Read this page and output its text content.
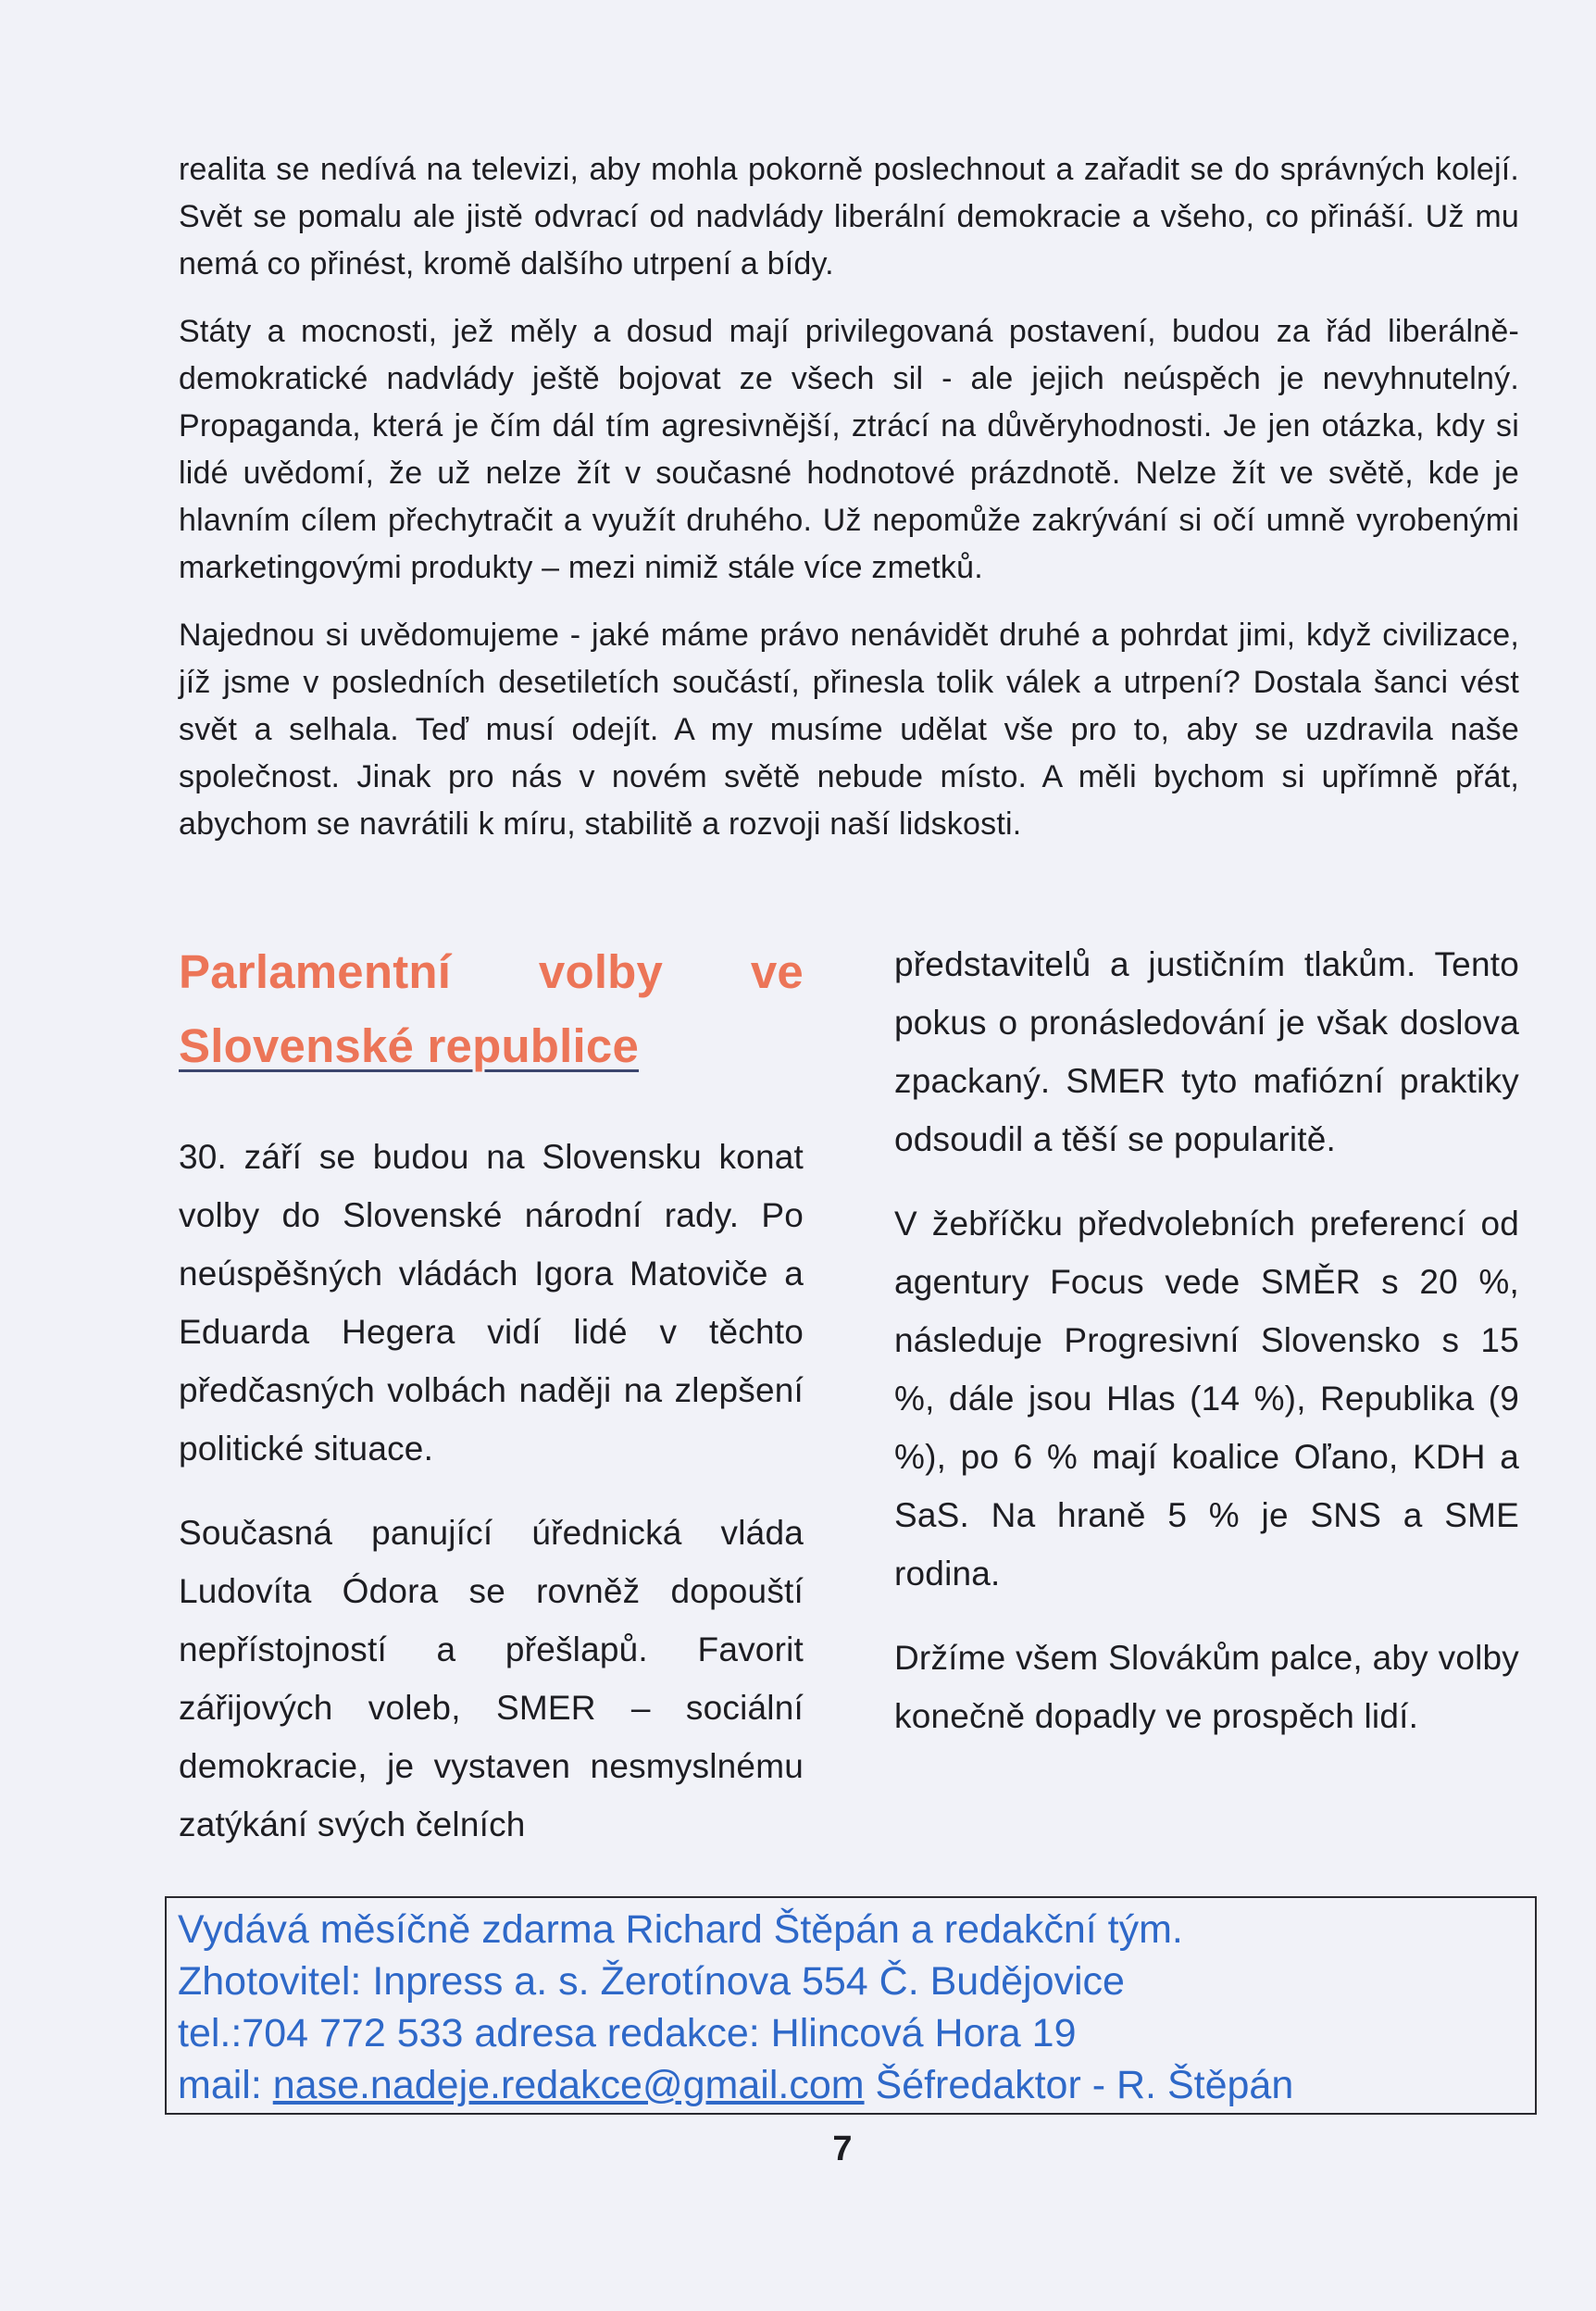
realita se nedívá na televizi, aby mohla pokorně poslechnout a zařadit se do správných kolejí. Svět se pomalu ale jistě odvrací od nadvlády liberální demokracie a všeho, co přináší. Už mu nemá co přinést, kromě dalšího utrpení a bídy.

Státy a mocnosti, jež měly a dosud mají privilegovaná postavení, budou za řád liberálně-demokratické nadvlády ještě bojovat ze všech sil - ale jejich neúspěch je nevyhnutelný. Propaganda, která je čím dál tím agresivnější, ztrácí na důvěryhodnosti. Je jen otázka, kdy si lidé uvědomí, že už nelze žít v současné hodnotové prázdnotě. Nelze žít ve světě, kde je hlavním cílem přechytračit a využít druhého. Už nepomůže zakrývání si očí umně vyrobenými marketingovými produkty – mezi nimiž stále více zmetků.

Najednou si uvědomujeme - jaké máme právo nenávidět druhé a pohrdat jimi, když civilizace, jíž jsme v posledních desetiletích součástí, přinesla tolik válek a utrpení? Dostala šanci vést svět a selhala. Teď musí odejít. A my musíme udělat vše pro to, aby se uzdravila naše společnost. Jinak pro nás v novém světě nebude místo. A měli bychom si upřímně přát, abychom se navrátili k míru, stabilitě a rozvoji naší lidskosti.

Parlamentní volby ve
Slovenské republice

30. září se budou na Slovensku konat volby do Slovenské národní rady. Po neúspěšných vládách Igora Matoviče a Eduarda Hegera vidí lidé v těchto předčasných volbách naději na zlepšení politické situace.

Současná panující úřednická vláda Ludovíta Ódora se rovněž dopouští nepřístojností a přešlapů. Favorit zářijových voleb, SMER – sociální demokracie, je vystaven nesmyslnému zatýkání svých čelních

představitelů a justičním tlakům. Tento pokus o pronásledování je však doslova zpackaný. SMER tyto mafiózní praktiky odsoudil a těší se popularitě.

V žebříčku předvolebních preferencí od agentury Focus vede SMĚR s 20 %, následuje Progresivní Slovensko s 15 %, dále jsou Hlas (14 %), Republika (9 %), po 6 % mají koalice Oľano, KDH a SaS. Na hraně 5 % je SNS a SME rodina.

Držíme všem Slovákům palce, aby volby konečně dopadly ve prospěch lidí.

Vydává měsíčně zdarma Richard Štěpán a redakční tým.
Zhotovitel: Inpress a. s. Žerotínova 554 Č. Budějovice
tel.:704 772 533 adresa redakce: Hlincová Hora 19
mail: nase.nadeje.redakce@gmail.com Šéfredaktor - R. Štěpán
7
